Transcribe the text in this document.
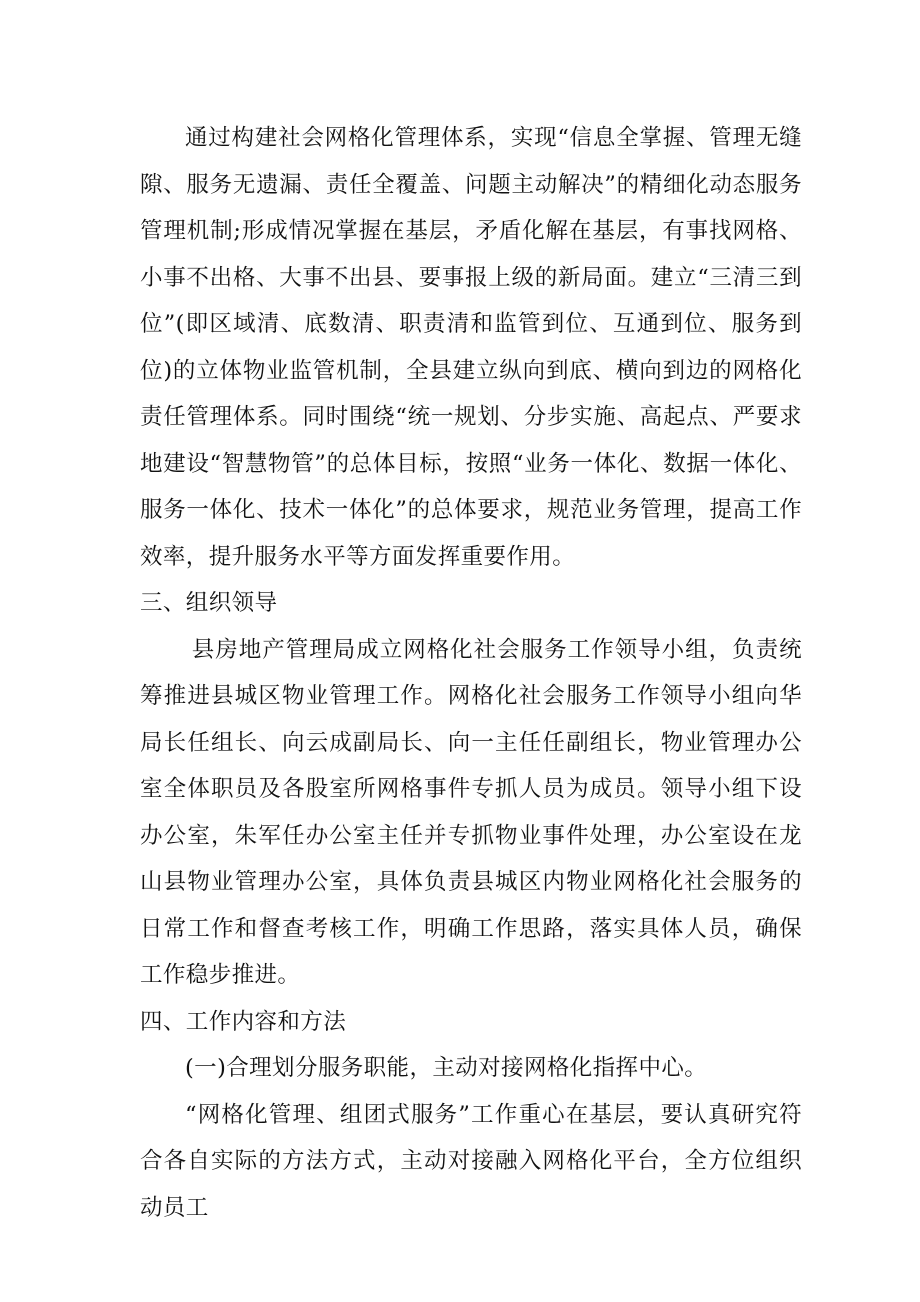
通过构建社会网格化管理体系，实现“信息全掌握、管理无缝隙、服务无遗漏、责任全覆盖、问题主动解决”的精细化动态服务管理机制;形成情况掌握在基层，矛盾化解在基层，有事找网格、小事不出格、大事不出县、要事报上级的新局面。建立“三清三到位”(即区域清、底数清、职责清和监管到位、互通到位、服务到位)的立体物业监管机制，全县建立纵向到底、横向到边的网格化责任管理体系。同时围绕“统一规划、分步实施、高起点、严要求地建设“智慧物管”的总体目标，按照“业务一体化、数据一体化、服务一体化、技术一体化”的总体要求，规范业务管理，提高工作效率，提升服务水平等方面发挥重要作用。

三、组织领导

县房地产管理局成立网格化社会服务工作领导小组，负责统筹推进县城区物业管理工作。网格化社会服务工作领导小组向华局长任组长、向云成副局长、向一主任任副组长，物业管理办公室全体职员及各股室所网格事件专抓人员为成员。领导小组下设办公室，朱军任办公室主任并专抓物业事件处理，办公室设在龙山县物业管理办公室，具体负责县城区内物业网格化社会服务的日常工作和督查考核工作，明确工作思路，落实具体人员，确保工作稳步推进。

四、工作内容和方法

(一)合理划分服务职能，主动对接网格化指挥中心。

“网格化管理、组团式服务”工作重心在基层，要认真研究符合各自实际的方法方式，主动对接融入网格化平台，全方位组织动员工
